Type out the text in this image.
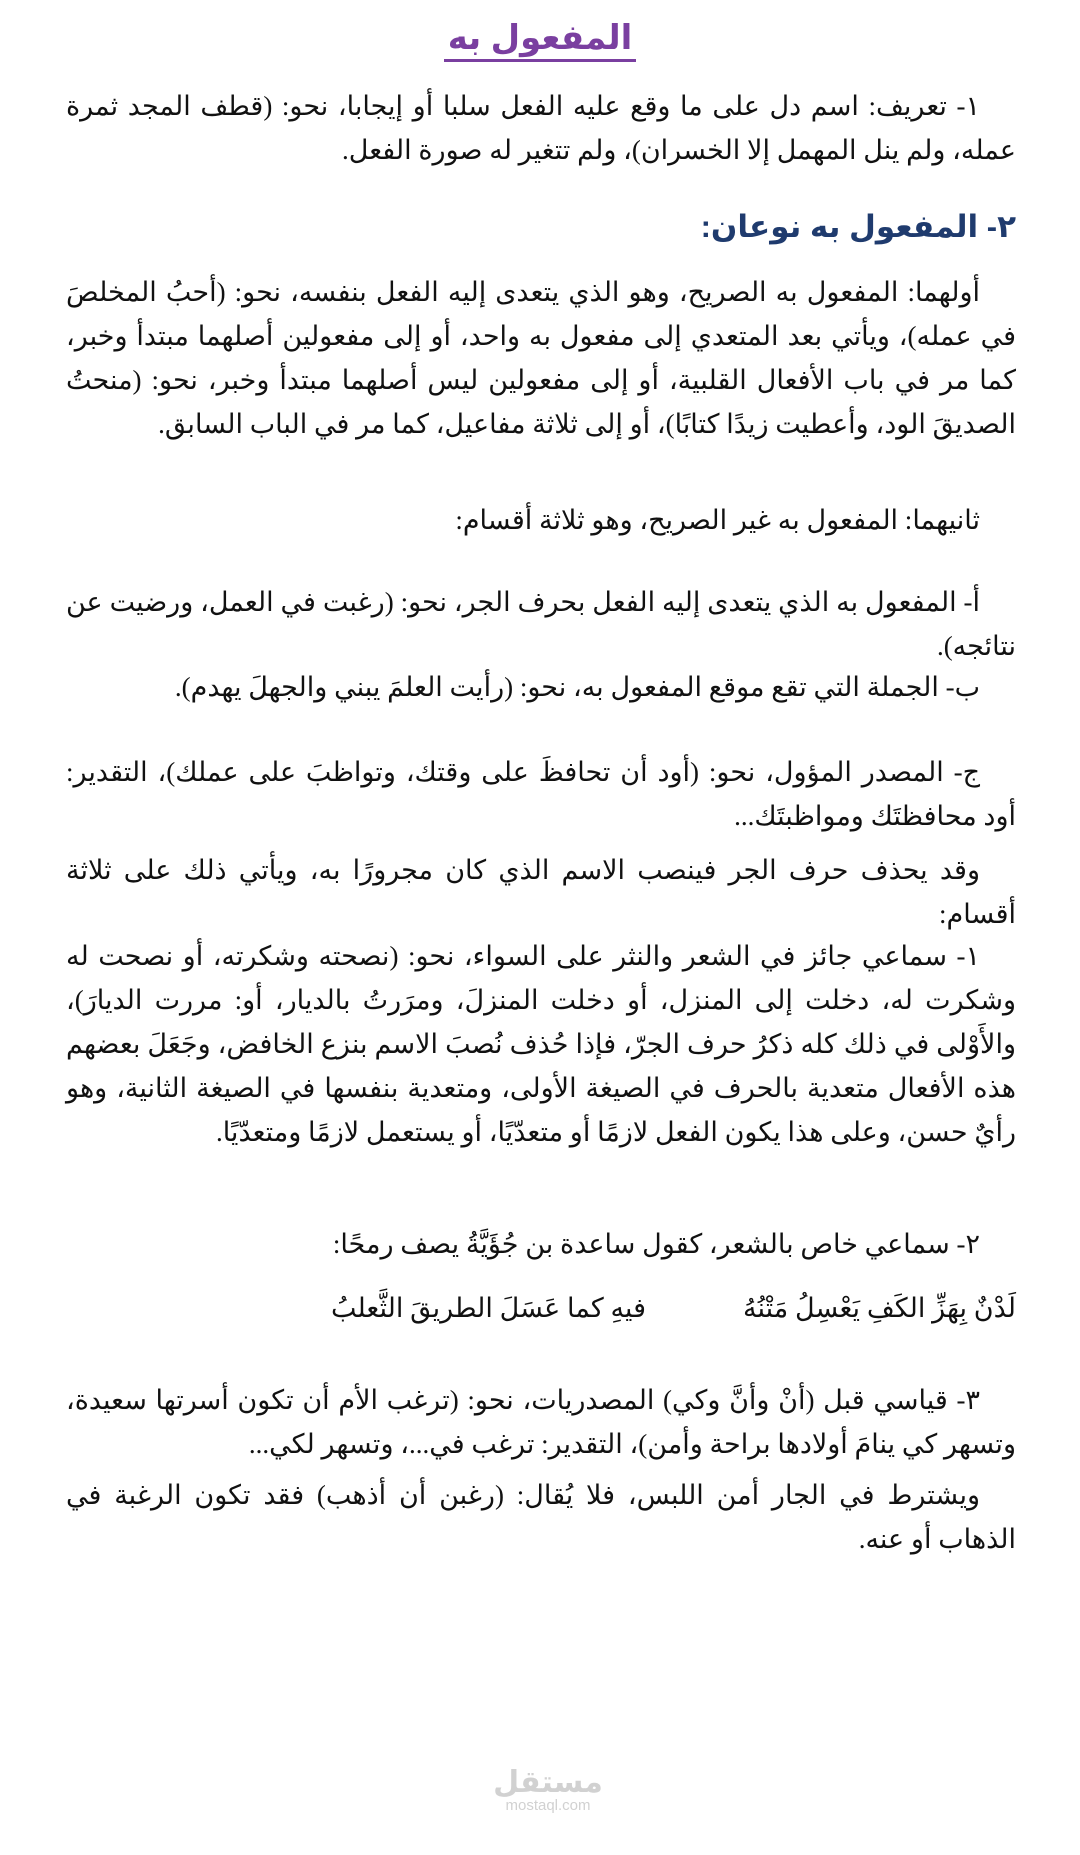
المفعول به

١- تعريف: اسم دل على ما وقع عليه الفعل سلبا أو إيجابا، نحو: (قطف المجد ثمرة عمله، ولم ينل المهمل إلا الخسران)، ولم تتغير له صورة الفعل.

٢- المفعول به نوعان:

أولهما: المفعول به الصريح، وهو الذي يتعدى إليه الفعل بنفسه، نحو: (أحبُ المخلصَ في عمله)، ويأتي بعد المتعدي إلى مفعول به واحد، أو إلى مفعولين أصلهما مبتدأ وخبر، كما مر في باب الأفعال القلبية، أو إلى مفعولين ليس أصلهما مبتدأ وخبر، نحو: (منحتُ الصديقَ الود، وأعطيت زيدًا كتابًا)، أو إلى ثلاثة مفاعيل، كما مر في الباب السابق.

ثانيهما: المفعول به غير الصريح، وهو ثلاثة أقسام:

أ- المفعول به الذي يتعدى إليه الفعل بحرف الجر، نحو: (رغبت في العمل، ورضيت عن نتائجه).

ب- الجملة التي تقع موقع المفعول به، نحو: (رأيت العلمَ يبني والجهلَ يهدم).

ج- المصدر المؤول، نحو: (أود أن تحافظَ على وقتك، وتواظبَ على عملك)، التقدير: أود محافظتَك ومواظبتَك...

وقد يحذف حرف الجر فينصب الاسم الذي كان مجرورًا به، ويأتي ذلك على ثلاثة أقسام:

١- سماعي جائز في الشعر والنثر على السواء، نحو: (نصحته وشكرته، أو نصحت له وشكرت له، دخلت إلى المنزل، أو دخلت المنزلَ، ومرَرتُ بالديار، أو: مررت الديارَ)، والأَوْلى في ذلك كله ذكرُ حرف الجرّ، فإذا حُذف نُصبَ الاسم بنزع الخافض، وجَعَلَ بعضهم هذه الأفعال متعدية بالحرف في الصيغة الأولى، ومتعدية بنفسها في الصيغة الثانية، وهو رأيٌ حسن، وعلى هذا يكون الفعل لازمًا أو متعدّيًا، أو يستعمل لازمًا ومتعدّيًا.

٢- سماعي خاص بالشعر، كقول ساعدة بن جُؤَيَّةُ يصف رمحًا:

لَدْنٌ بِهَزِّ الكَفِ يَعْسِلُ مَتْنُهُ
فيهِ كما عَسَلَ الطريقَ الثَّعلبُ

٣- قياسي قبل (أنْ وأنَّ وكي) المصدريات، نحو: (ترغب الأم أن تكون أسرتها سعيدة، وتسهر كي ينامَ أولادها براحة وأمن)، التقدير: ترغب في...، وتسهر لكي...

ويشترط في الجار أمن اللبس، فلا يُقال: (رغبن أن أذهب) فقد تكون الرغبة في الذهاب أو عنه.

مستقل
mostaql.com
